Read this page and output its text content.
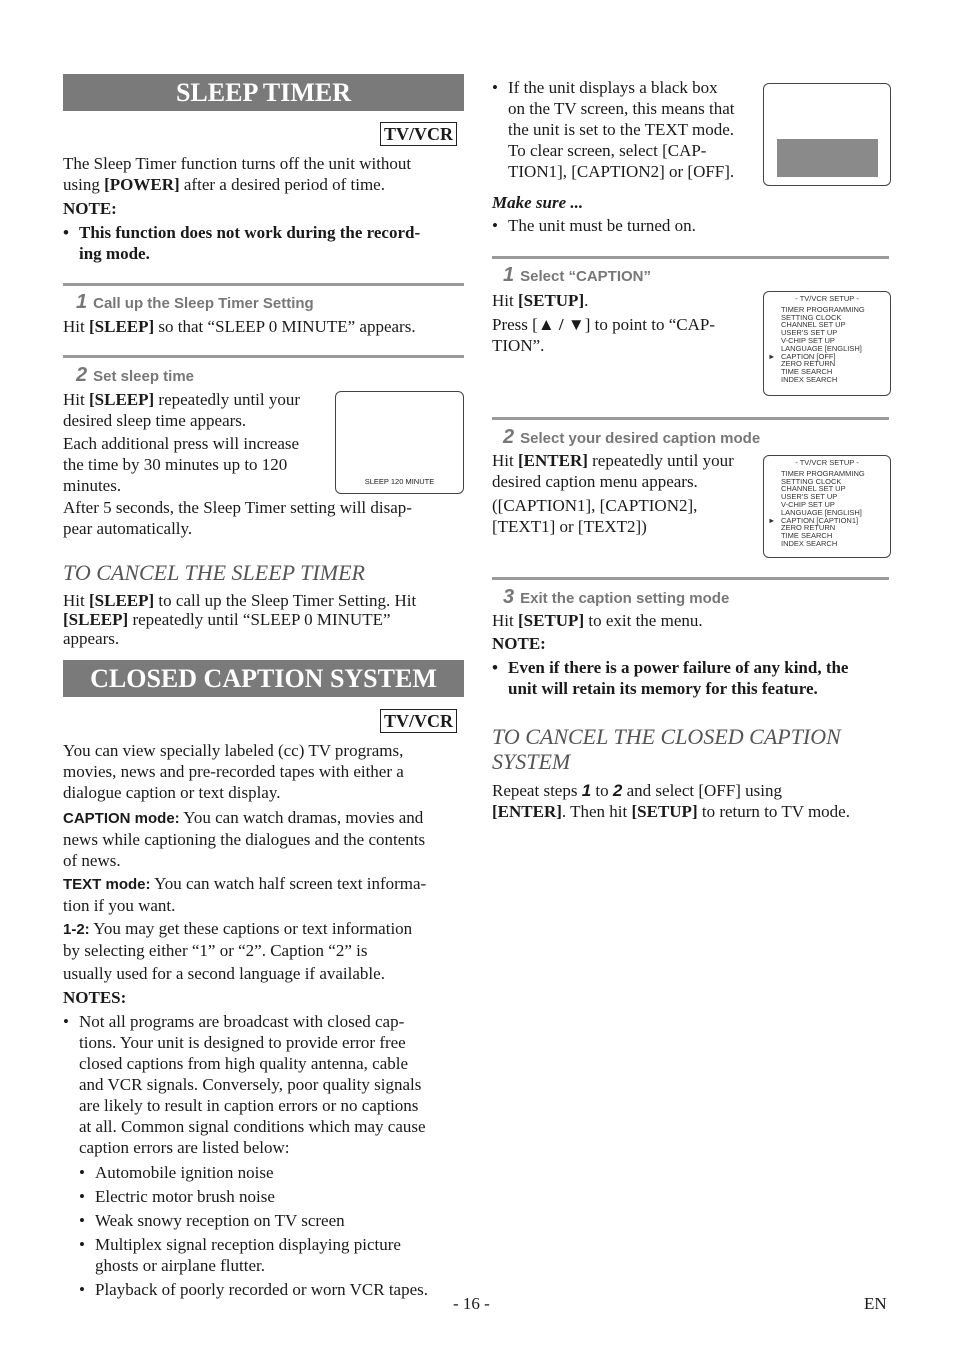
SLEEP TIMER
TV/VCR
The Sleep Timer function turns off the unit without
using [POWER] after a desired period of time.
NOTE:
• This function does not work during the record-
ing mode.
1 Call up the Sleep Timer Setting
Hit [SLEEP] so that “SLEEP 0 MINUTE” appears.
2 Set sleep time
Hit [SLEEP] repeatedly until your
desired sleep time appears.
Each additional press will increase
the time by 30 minutes up to 120
minutes.	SLEEP 120 MINUTE
After 5 seconds, the Sleep Timer setting will disap-
pear automatically.
TO CANCEL THE SLEEP TIMER
Hit [SLEEP] to call up the Sleep Timer Setting. Hit
[SLEEP] repeatedly until “SLEEP 0 MINUTE”
appears.
CLOSED CAPTION SYSTEM
TV/VCR
You can view specially labeled (cc) TV programs,
movies, news and pre-recorded tapes with either a
dialogue caption or text display.
CAPTION mode: You can watch dramas, movies and
news while captioning the dialogues and the contents
of news.
TEXT mode: You can watch half screen text informa-
tion if you want.
1-2: You may get these captions or text information
by selecting either “1” or “2”. Caption “2” is
usually used for a second language if available.
NOTES:
• Not all programs are broadcast with closed cap-
tions. Your unit is designed to provide error free
closed captions from high quality antenna, cable
and VCR signals. Conversely, poor quality signals
are likely to result in caption errors or no captions
at all. Common signal conditions which may cause
caption errors are listed below:
• Automobile ignition noise
• Electric motor brush noise
• Weak snowy reception on TV screen
• Multiplex signal reception displaying picture
ghosts or airplane flutter.
• Playback of poorly recorded or worn VCR tapes.
• If the unit displays a black box
on the TV screen, this means that
the unit is set to the TEXT mode.
To clear screen, select [CAP-
TION1], [CAPTION2] or [OFF].
Make sure ...
• The unit must be turned on.
1 Select “CAPTION”
Hit [SETUP].
Press [▲ / ▼] to point to “CAP-
TION”.
- TV/VCR SETUP -
TIMER PROGRAMMING
SETTING CLOCK
CHANNEL SET UP
USER'S SET UP
V-CHIP SET UP
LANGUAGE [ENGLISH]
► CAPTION [OFF]
ZERO RETURN
TIME SEARCH
INDEX SEARCH
2 Select your desired caption mode
Hit [ENTER] repeatedly until your
desired caption menu appears.
([CAPTION1], [CAPTION2],
[TEXT1] or [TEXT2])
- TV/VCR SETUP -
TIMER PROGRAMMING
SETTING CLOCK
CHANNEL SET UP
USER'S SET UP
V-CHIP SET UP
LANGUAGE [ENGLISH]
► CAPTION [CAPTION1]
ZERO RETURN
TIME SEARCH
INDEX SEARCH
3 Exit the caption setting mode
Hit [SETUP] to exit the menu.
NOTE:
• Even if there is a power failure of any kind, the
unit will retain its memory for this feature.
TO CANCEL THE CLOSED CAPTION
SYSTEM
Repeat steps 1 to 2 and select [OFF] using
[ENTER]. Then hit [SETUP] to return to TV mode.
- 16 -	EN
